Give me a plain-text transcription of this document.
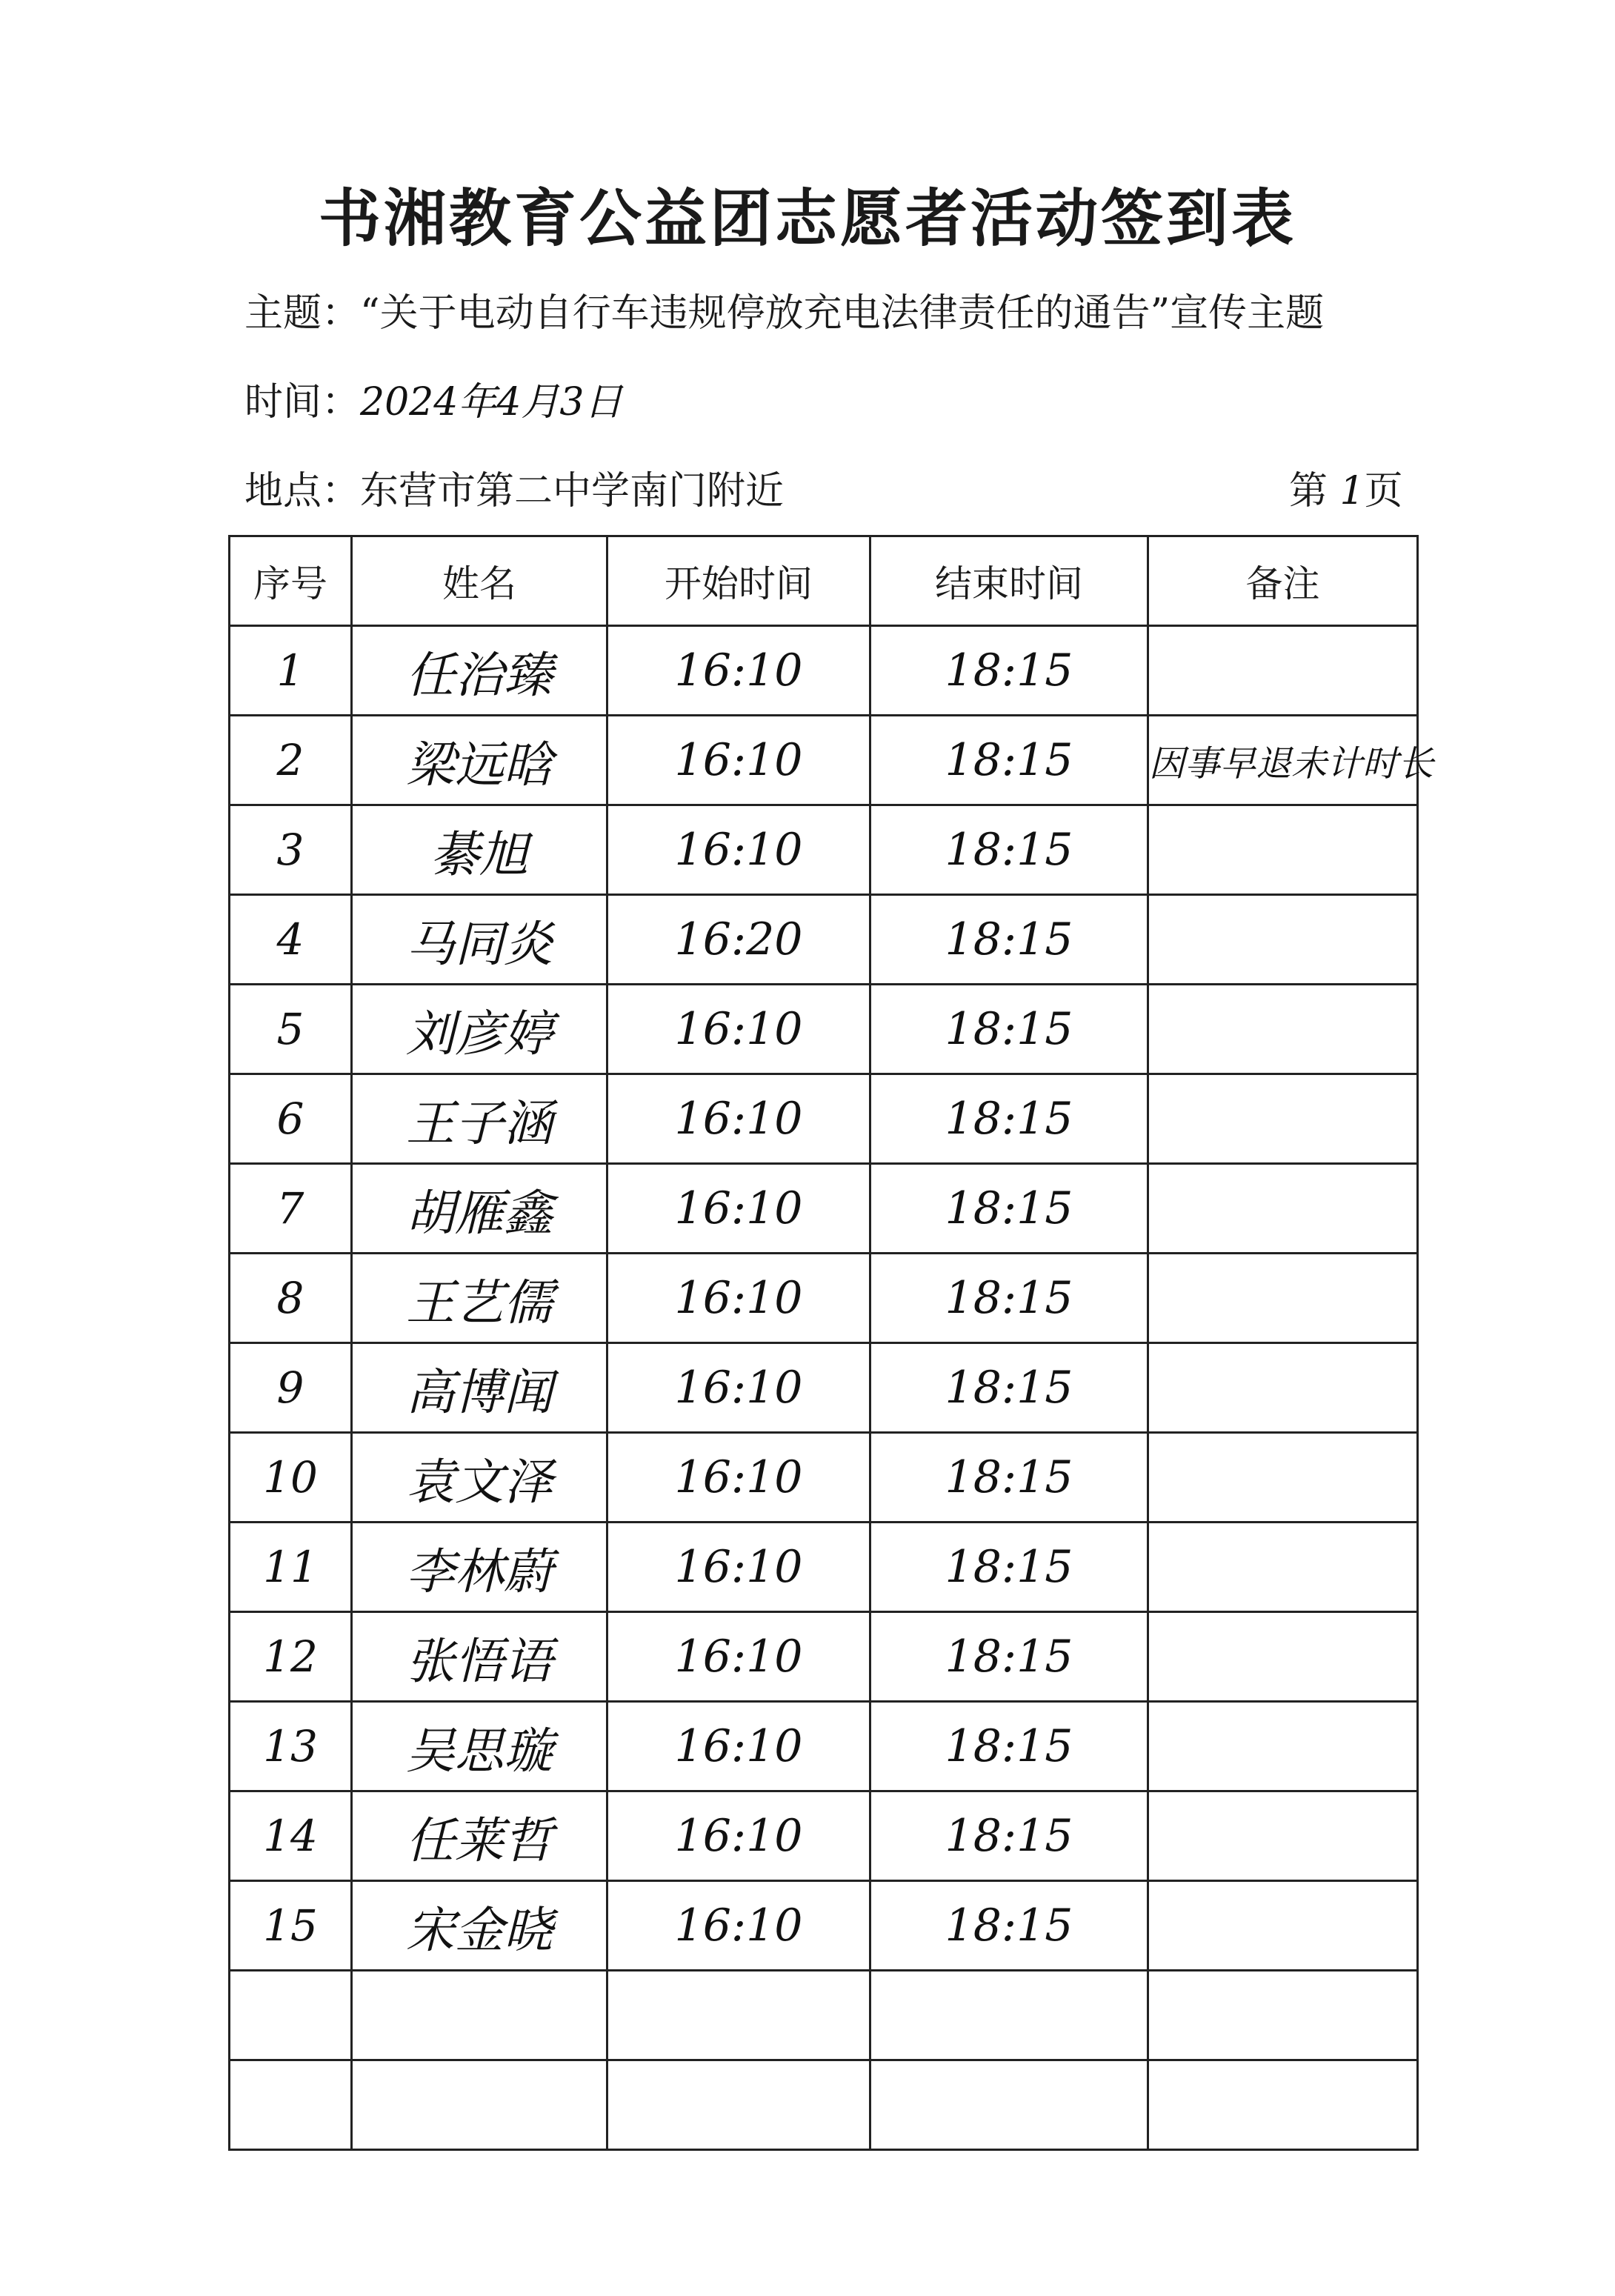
书湘教育公益团志愿者活动签到表
主题：“关于电动自行车违规停放充电法律责任的通告”宣传主题
时间：2024年4月3日
地点：东营市第二中学南门附近	第 1页
序号	姓名	开始时间	结束时间	备注
1	任治臻	16:10	18:15	
2	梁远晗	16:10	18:15	因事早退未计时长
3	綦旭	16:10	18:15	
4	马同炎	16:20	18:15	
5	刘彦婷	16:10	18:15	
6	王子涵	16:10	18:15	
7	胡雁鑫	16:10	18:15	
8	王艺儒	16:10	18:15	
9	高博闻	16:10	18:15	
10	袁文泽	16:10	18:15	
11	李林蔚	16:10	18:15	
12	张悟语	16:10	18:15	
13	吴思璇	16:10	18:15	
14	任莱哲	16:10	18:15	
15	宋金晓	16:10	18:15	
